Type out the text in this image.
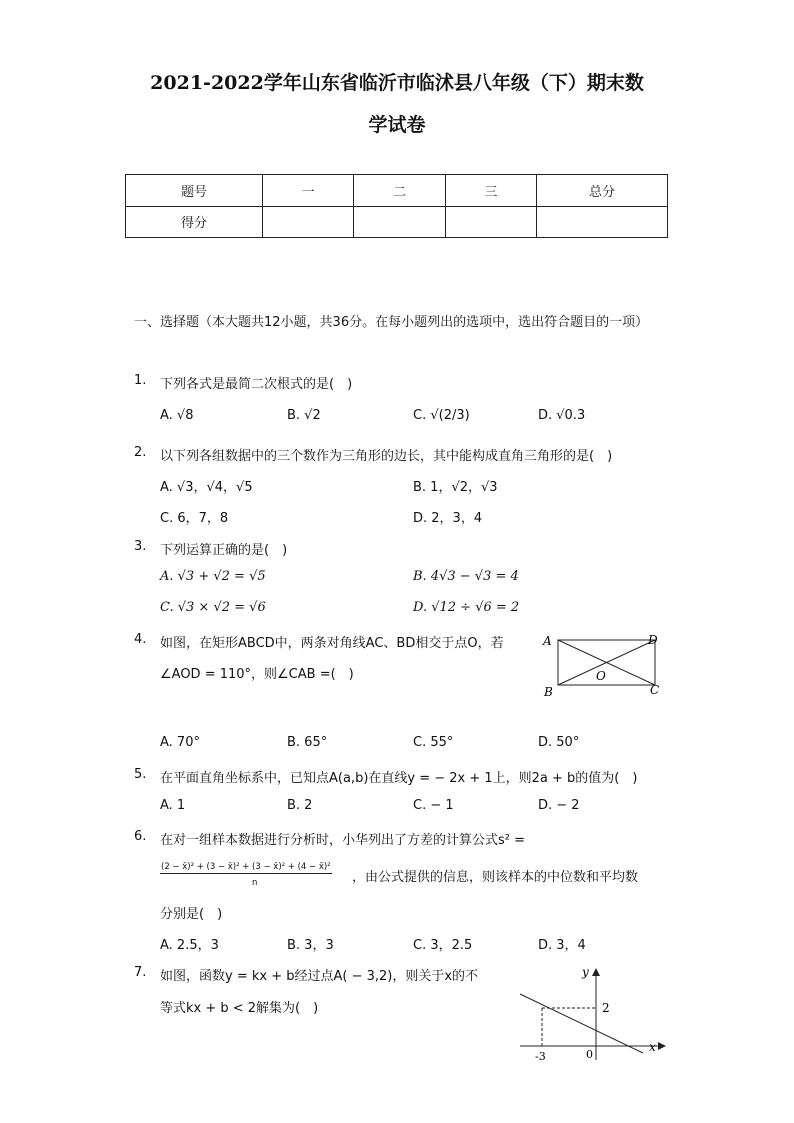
2021-2022学年山东省临沂市临沭县八年级（下）期末数
学试卷
题号	一	二	三	总分
得分				
一、选择题（本大题共12小题，共36分。在每小题列出的选项中，选出符合题目的一项）
1. 下列各式是最简二次根式的是(　)
A. √8	B. √2	C. √(2/3)	D. √0.3
2. 以下列各组数据中的三个数作为三角形的边长，其中能构成直角三角形的是(　)
A. √3，√4，√5	B. 1，√2，√3
C. 6，7，8	D. 2，3，4
3. 下列运算正确的是(　)
A. √3 + √2 = √5	B. 4√3 − √3 = 4
C. √3 × √2 = √6	D. √12 ÷ √6 = 2
4. 如图，在矩形ABCD中，两条对角线AC、BD相交于点O，若
∠AOD = 110°，则∠CAB =(　)
A	D
O
B	C
A. 70°	B. 65°	C. 55°	D. 50°
5. 在平面直角坐标系中，已知点A(a,b)在直线y = − 2x + 1上，则2a + b的值为(　)
A. 1	B. 2	C. − 1	D. − 2
6. 在对一组样本数据进行分析时，小华列出了方差的计算公式s² =
(2 − x̄)² + (3 − x̄)² + (3 − x̄)² + (4 − x̄)²
n	，由公式提供的信息，则该样本的中位数和平均数
分别是(　)
A. 2.5，3	B. 3，3	C. 3，2.5	D. 3，4
7. 如图，函数y = kx + b经过点A( − 3,2)，则关于x的不
等式kx + b < 2解集为(　)
y
2
x
-3	0
